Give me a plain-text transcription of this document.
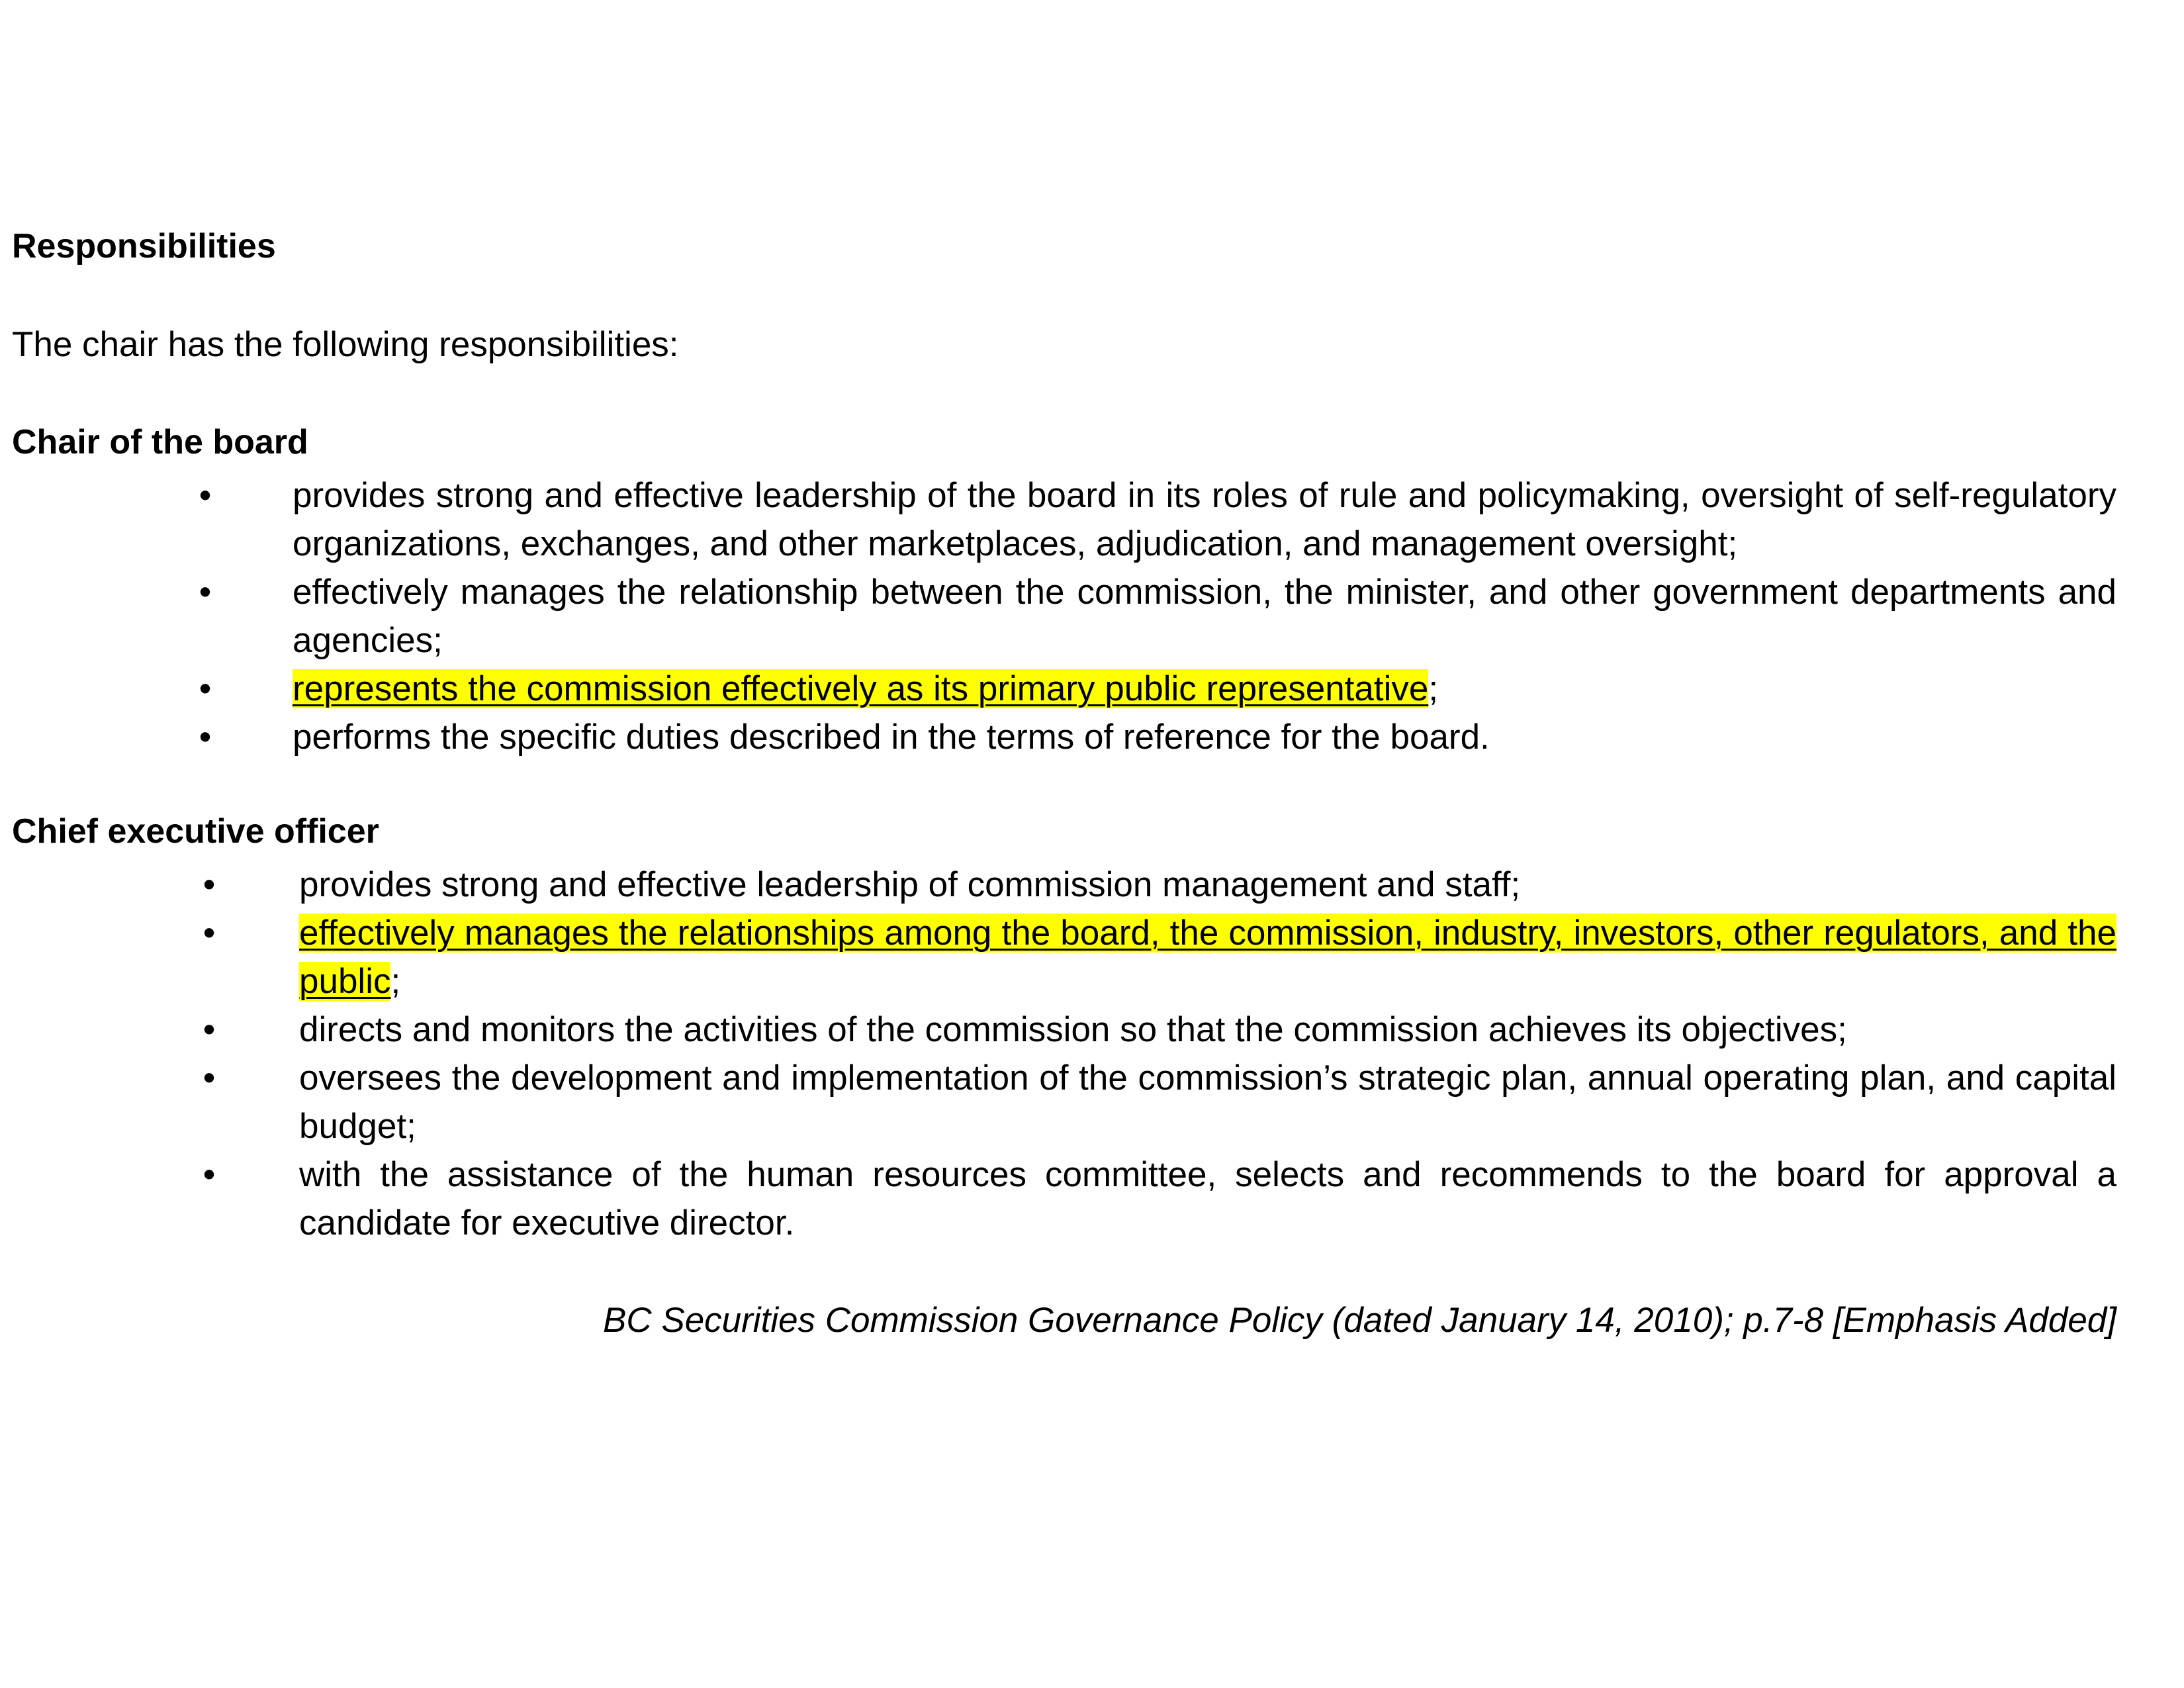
Responsibilities
The chair has the following responsibilities:
Chair of the board
• provides strong and effective leadership of the board in its roles of rule and policymaking, oversight of self-regulatory organizations, exchanges, and other marketplaces, adjudication, and management oversight;
• effectively manages the relationship between the commission, the minister, and other government departments and agencies;
• represents the commission effectively as its primary public representative;
• performs the specific duties described in the terms of reference for the board.
Chief executive officer
• provides strong and effective leadership of commission management and staff;
• effectively manages the relationships among the board, the commission, industry, investors, other regulators, and the public;
• directs and monitors the activities of the commission so that the commission achieves its objectives;
• oversees the development and implementation of the commission’s strategic plan, annual operating plan, and capital budget;
• with the assistance of the human resources committee, selects and recommends to the board for approval a candidate for executive director.
BC Securities Commission Governance Policy (dated January 14, 2010); p.7-8 [Emphasis Added]
